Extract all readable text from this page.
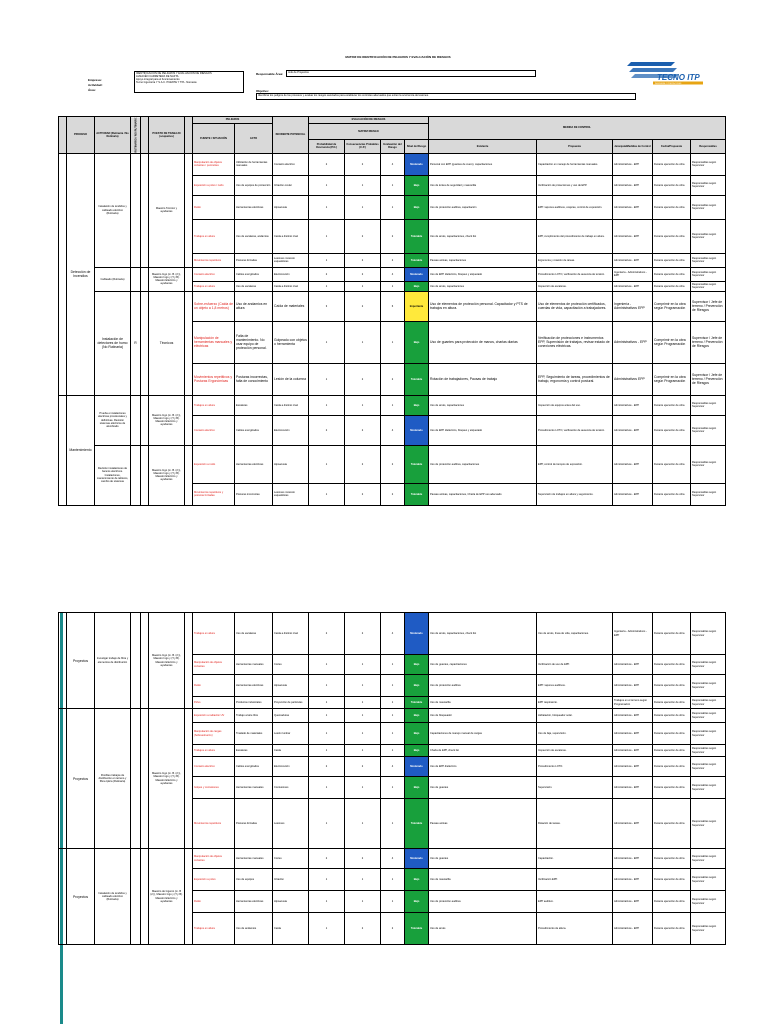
MATRIZ DE IDENTIFICACIÓN DE PELIGROS Y EVALUACIÓN DE RIESGOS
Empresa:
Actividad:
Área:
IDENTIFICACIÓN DE PELIGROS Y EVALUACIÓN DE RIESGOS
ALMACÉN CARRETERA DE NAFTA
Apoyo integral para el funcionamiento
Tecno Ingeniería Y S.A.C. PUENTE Y TPL. Noroeste
Responsable Área:	Jefe de Proyectos
Objetivo:
Identificar los peligros de los procesos y evaluar los riesgos asociados para establecer los controles adecuados que eviten la ocurrencia de lesiones.
TECNO ITP
INGENIERIA Y PRESTACIONES
	PROCESO	ACTIVIDAD (Rutinaria / No Rutinaria)	RUTINARIO / NO RUTINARIO		PUESTO DE TRABAJO (ocupantes)		PELIGROS		INCIDENTE POTENCIAL	EVALUACIÓN DE RIESGOS				MEDIDA DE CONTROL				
							FUENTE / SITUACIÓN	ACTO		MATRIZ RIESGO								
										Probabilidad de Ocurrencia (P.O.)	Consecuencias Probables (C.P.)	Evaluación del Riesgo	Nivel de Riesgo	Existente	Propuesta	Jerarquía/Medidas de Control	Fecha/Propuesta	Responsables
	Detección de Incendios	Instalación de tendidos y cableado eléctrico (Rutinaria)			Maestro Técnico y ayudantes		Manipulación de objetos cortantes / punzantes	Utilización de herramientas manuales	Contacto eléctrico	2	2	4	Moderado	Personal con EPP (guantes de cuero), capacitaciones	Capacitación en manejo de herramientas manuales.	Administrativos - EPP	Durante ejecución de obra	Responsables según Supervisor
							Exposición a polvo / ruido	Uso de equipos de protección	Irritación ocular	1	1	1	Bajo	Uso de lentes de seguridad y mascarilla	Verificación de protecciones y uso de EPP.	Administrativos - EPP	Durante ejecución de obra	Responsables según Supervisor
							Ruido	Herramientas eléctricas	Hipoacusia	1	1	1	Bajo	Uso de protección auditiva, capacitación	EPP: tapones auditivos, orejeras, control de exposición.	Administrativos - EPP	Durante ejecución de obra	Responsables según Supervisor
							Trabajos en altura	Uso de escaleras, andamios	Caída a distinto nivel	1	2	2	Tolerable	Uso de arnés, capacitaciones, check list	EPP, cumplimiento del procedimiento de trabajo en altura.	Administrativos - EPP	Durante ejecución de obra	Responsables según Supervisor
							Movimientos repetitivos	Posturas forzadas	Lesiones músculo esqueléticas	1	2	2	Tolerable	Pausas activas, capacitaciones	Ergonomía y rotación de tareas.	Administrativos - EPP	Durante ejecución de obra	Responsables según Supervisor
		Cableado (Rutinaria)			Maestro Ingo (m. B. (2.)), Maestro Ingo y (T.y B). Maestro Eléctrico y ayudantes		Contacto eléctrico	Cables energizados	Electrocución	2	2	4	Moderado	Uso de EPP dieléctrico, bloqueo y etiquetado	Procedimiento LOTO, verificación de ausencia de tensión.	Ingeniería - Administrativos - EPP	Durante ejecución de obra	Responsables según Supervisor
							Trabajos en altura	Uso de escaleras	Caída a distinto nivel	1	1	1	Bajo	Uso de arnés, capacitaciones	Inspección de escaleras.	Administrativos - EPP	Durante ejecución de obra	Responsables según Supervisor
		Instalación de detectores de humo (No Rutinaria)	R		Técnicos		Sobre-esfuerzo (Caída de un objeto a 1,8 metros)	Uso de andamios en altura	Caída de materiales	3	2	6	Importante	Uso de elementos de protección personal. Capacitador y PTS de trabajos en altura.	Uso de elementos de protección certificados, cuerdas de vida, capacitación a trabajadores.	Ingeniería - Administrativos EPP	Comprimir en la obra según Programación	Supervisor / Jefe de terreno / Prevención de Riesgos
							Manipulación de herramientas manuales y eléctricas	Falta de mantenimiento. No usar equipo de protección personal.	Golpeado con objetos o herramienta	1	1	1	Bajo	Uso de guantes para protección de manos, charlas diarias	Verificación de protecciones e instrumentos EPP, Supervisión de trabajos, revisar estado de conexiones eléctricas.	Administrativos - EPP	Comprimir en la obra según Programación	Supervisor / Jefe de terreno / Prevención de Riesgos
							Movimientos repetitivos y Posturas Ergonómicas	Posturas incorrectas, falta de conocimiento	Lesión de la columna	1	2	2	Tolerable	Rotación de trabajadores, Pausas de trabajo	EPP, Seguimiento de tareas, procedimientos de trabajo, ergonomía y control postural.	Administrativos EPP	Comprimir en la obra según Programación	Supervisor / Jefe de terreno / Prevención de Riesgos
	Mantenimiento	Prueba e instalaciones eléctricas provisionales y definitivas. Revisión sistemas eléctricos de alumbrado			Maestro Ingo (m. B. (2.)), Maestro Ingo y (T.y B). Maestro Eléctrico y ayudantes		Trabajos en altura	Escaleras	Caída a distinto nivel	1	1	1	Bajo	Uso de arnés, capacitaciones	Inspección de equipos antes del uso.	Administrativos - EPP	Durante ejecución de obra	Responsables según Supervisor
							Contacto eléctrico	Cables energizados	Electrocución	2	2	4	Moderado	Uso de EPP dieléctrico, bloqueo y etiquetado	Procedimiento LOTO, verificación de ausencia de tensión.	Administrativos - EPP	Durante ejecución de obra	Responsables según Supervisor
		Revisión instalaciones de bancos eléctricos. Instalaciones, mantenimiento de tableros, cambio de sistemas			Maestro Ingo (m. B. (2.)), Maestro Ingo y (T.y B). Maestro Eléctrico y ayudantes		Exposición a ruido	Herramientas eléctricas	Hipoacusia	1	2	2	Tolerable	Uso de protección auditiva, capacitaciones	EPP, control de tiempos de exposición.	Administrativos - EPP	Durante ejecución de obra	Responsables según Supervisor
							Movimientos repetitivos y posturas forzadas	Posturas incorrectas	Lesiones músculo esqueléticas	1	2	2	Tolerable	Pausas activas, capacitaciones, Charla de EPP uso adecuado	Supervisión de trabajos en altura y seguimiento.	Administrativos - EPP	Durante ejecución de obra	Responsables según Supervisor
	Proyectos	Investigar trabajo de fibra y elementos de distribución			Maestro Ingo (m. B. (2.)), Maestro Ingo y (T.y B). Maestro Eléctrico y ayudantes		Trabajos en altura	Uso de escaleras	Caída a distinto nivel	2	2	4	Moderado	Uso de arnés, capacitaciones, check list	Uso de arnés, línea de vida, capacitaciones.	Ingeniería - Administrativos - EPP	Durante ejecución de obra	Responsables según Supervisor
							Manipulación de objetos cortantes	Herramientas manuales	Cortes	1	1	1	Bajo	Uso de guantes, capacitaciones	Verificación de uso de EPP.	Administrativos - EPP	Durante ejecución de obra	Responsables según Supervisor
							Ruido	Herramientas eléctricas	Hipoacusia	1	1	1	Bajo	Uso de protección auditiva	EPP: tapones auditivos.	Administrativos - EPP	Durante ejecución de obra	Responsables según Supervisor
							Polvo	Productos industriales	Proyección de partículas	1	1	1	Tolerable	Uso de mascarilla	EPP respiratorio.	Trabajos en el terreno según Programación	Durante ejecución de obra	Responsables según Supervisor
	Proyectos	Posibles trabajos de distribución en terreno y fibra óptica (Rutinaria)			Maestro Ingo (m. B. (2.)), Maestro Ingo y (T.y B). Maestro Eléctrico y ayudantes		Exposición a radiación UV	Trabajo al aire libre	Quemaduras	1	1	1	Bajo	Uso de bloqueador	Hidratación, bloqueador solar.	Administrativos - EPP	Durante ejecución de obra	Responsables según Supervisor
							Manipulación de cargas (Sobreesfuerzo)	Traslado de materiales	Lesión lumbar	1	1	1	Bajo	Capacitaciones de manejo manual de cargas	Uso de faja, supervisión.	Administrativos - EPP	Durante ejecución de obra	Responsables según Supervisor
							Trabajos en altura	Escaleras	Caída	1	1	1	Bajo	Charla de EPP, check list	Inspección de escaleras.	Administrativos - EPP	Durante ejecución de obra	Responsables según Supervisor
							Contacto eléctrico	Cables energizados	Electrocución	2	2	4	Moderado	Uso de EPP dieléctrico	Procedimiento LOTO.	Administrativos - EPP	Durante ejecución de obra	Responsables según Supervisor
							Golpes y contusiones	Herramientas manuales	Contusiones	1	1	1	Bajo	Uso de guantes	Supervisión.	Administrativos - EPP	Durante ejecución de obra	Responsables según Supervisor
							Movimientos repetitivos	Posturas forzadas	Lesiones	1	1	1	Tolerable	Pausas activas	Rotación de tareas.	Administrativos - EPP	Durante ejecución de obra	Responsables según Supervisor
	Proyectos	Instalación de tendidos y cableado eléctrico (Rutinaria)			Maestro de Ingenio (m. B (2.)), Maestro Ingo y (T.y B). Maestro Eléctrico y ayudantes		Manipulación de objetos cortantes	Herramientas manuales	Cortes	2	2	4	Moderado	Uso de guantes	Capacitación.	Administrativos - EPP	Durante ejecución de obra	Responsables según Supervisor
							Exposición a polvo	Uso de equipos	Irritación	1	1	1	Bajo	Uso de mascarilla	Verificación EPP.	Administrativos - EPP	Durante ejecución de obra	Responsables según Supervisor
							Ruido	Herramientas eléctricas	Hipoacusia	1	1	1	Bajo	Uso de protección auditiva	EPP auditivo.	Administrativos - EPP	Durante ejecución de obra	Responsables según Supervisor
							Trabajos en altura	Uso de andamios	Caída	1	2	2	Tolerable	Uso de arnés	Procedimiento de altura.	Administrativos - EPP	Durante ejecución de obra	Responsables según Supervisor
